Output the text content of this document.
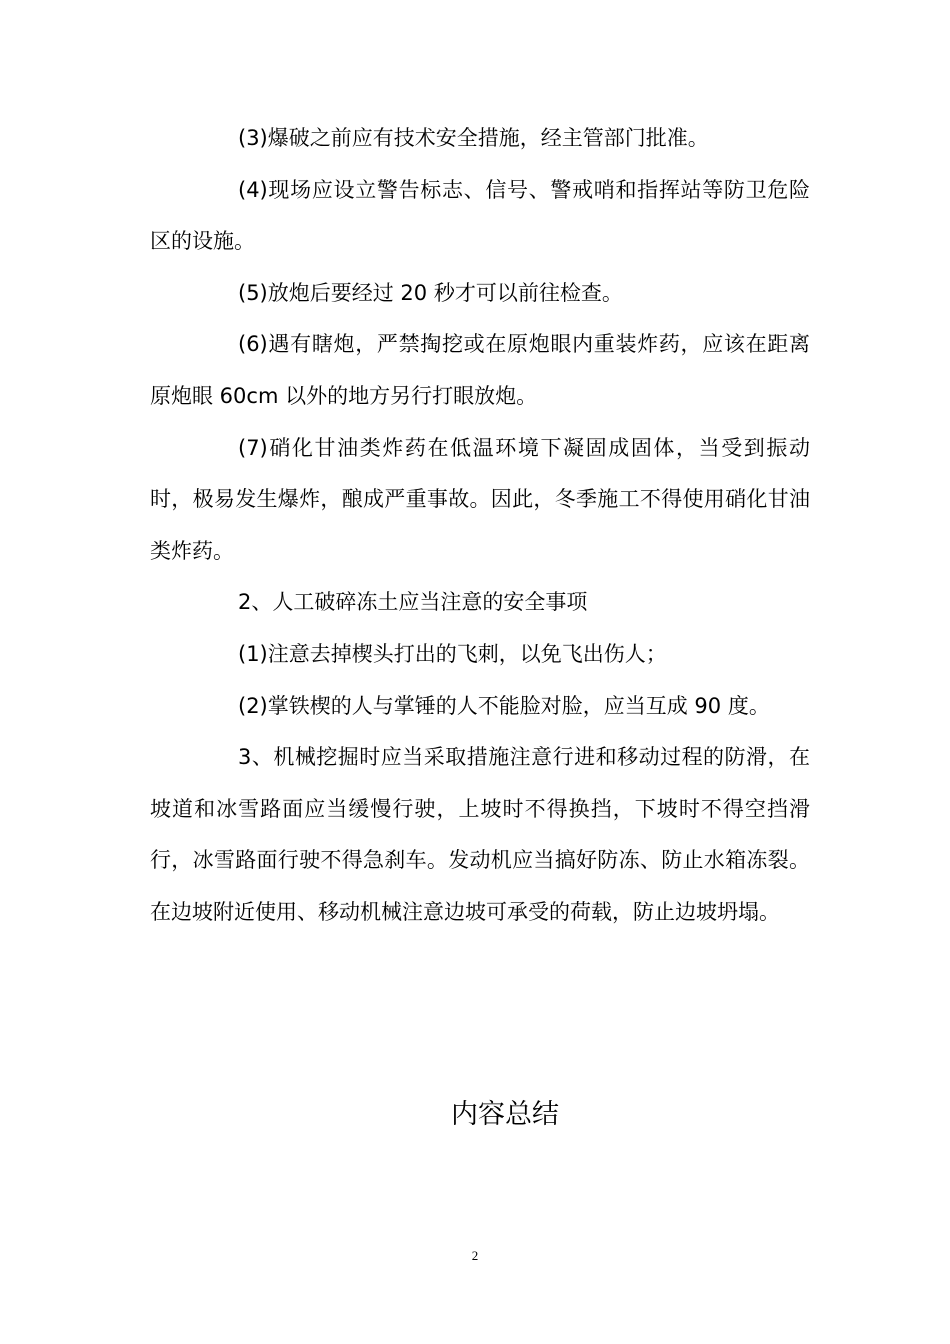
(3)爆破之前应有技术安全措施，经主管部门批准。

(4)现场应设立警告标志、信号、警戒哨和指挥站等防卫危险区的设施。

(5)放炮后要经过 20 秒才可以前往检查。

(6)遇有瞎炮，严禁掏挖或在原炮眼内重装炸药，应该在距离原炮眼 60cm 以外的地方另行打眼放炮。

(7)硝化甘油类炸药在低温环境下凝固成固体，当受到振动时，极易发生爆炸，酿成严重事故。因此，冬季施工不得使用硝化甘油类炸药。

2、人工破碎冻土应当注意的安全事项

(1)注意去掉楔头打出的飞刺，以免飞出伤人；

(2)掌铁楔的人与掌锤的人不能脸对脸，应当互成 90 度。

3、机械挖掘时应当采取措施注意行进和移动过程的防滑，在坡道和冰雪路面应当缓慢行驶，上坡时不得换挡，下坡时不得空挡滑行，冰雪路面行驶不得急刹车。发动机应当搞好防冻、防止水箱冻裂。在边坡附近使用、移动机械注意边坡可承受的荷载，防止边坡坍塌。

内容总结
2
